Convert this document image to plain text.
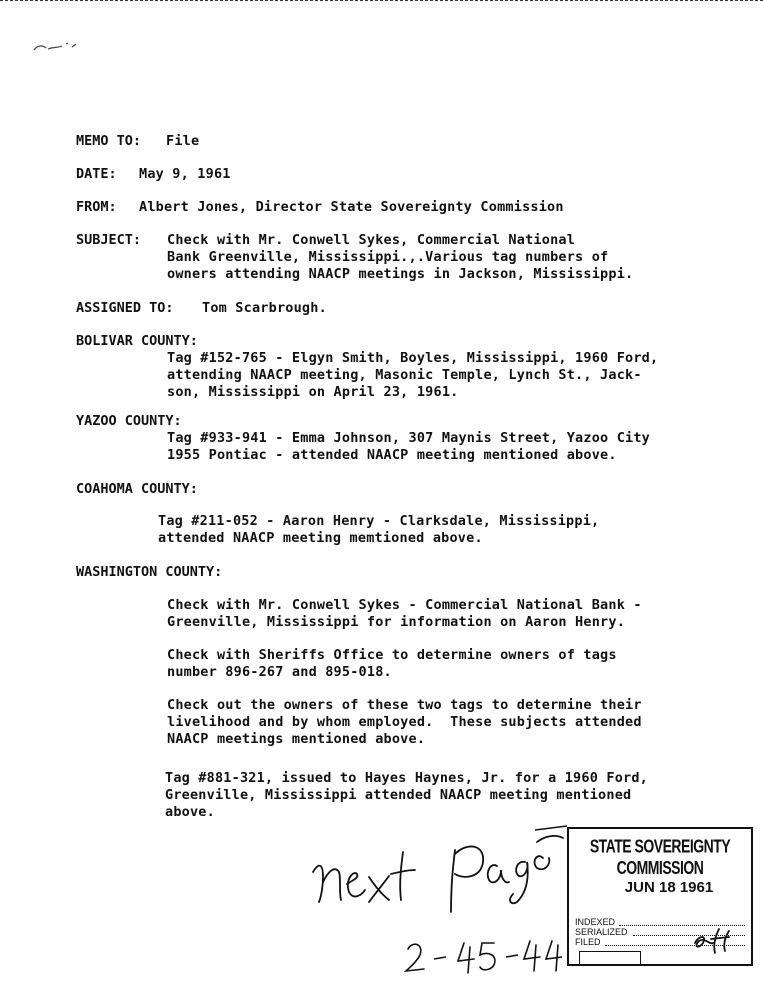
MEMO TO: File
DATE: May 9, 1961
FROM: Albert Jones, Director State Sovereignty Commission
SUBJECT: Check with Mr. Conwell Sykes, Commercial National
Bank Greenville, Mississippi.,.Various tag numbers of
owners attending NAACP meetings in Jackson, Mississippi.
ASSIGNED TO: Tom Scarbrough.
BOLIVAR COUNTY:
Tag #152-765 - Elgyn Smith, Boyles, Mississippi, 1960 Ford,
attending NAACP meeting, Masonic Temple, Lynch St., Jack-
son, Mississippi on April 23, 1961.
YAZOO COUNTY:
Tag #933-941 - Emma Johnson, 307 Maynis Street, Yazoo City
1955 Pontiac - attended NAACP meeting mentioned above.
COAHOMA COUNTY:
Tag #211-052 - Aaron Henry - Clarksdale, Mississippi,
attended NAACP meeting memtioned above.
WASHINGTON COUNTY:
Check with Mr. Conwell Sykes - Commercial National Bank -
Greenville, Mississippi for information on Aaron Henry.
Check with Sheriffs Office to determine owners of tags
number 896-267 and 895-018.
Check out the owners of these two tags to determine their
livelihood and by whom employed.  These subjects attended
NAACP meetings mentioned above.
Tag #881-321, issued to Hayes Haynes, Jr. for a 1960 Ford,
Greenville, Mississippi attended NAACP meeting mentioned
above.
STATE SOVEREIGNTY COMMISSION
JUN 18 1961
INDEXED
SERIALIZED
FILED
